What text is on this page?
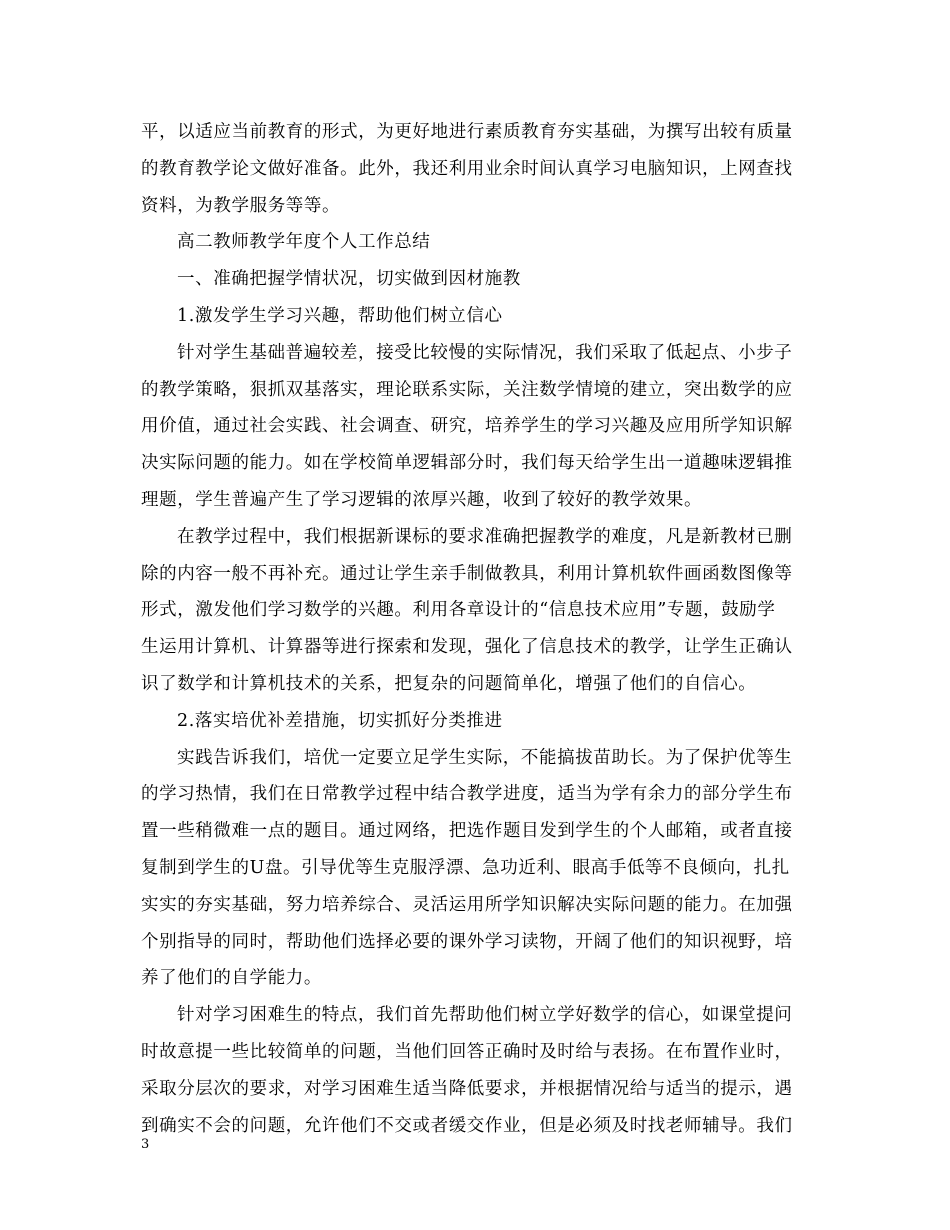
平，以适应当前教育的形式，为更好地进行素质教育夯实基础，为撰写出较有质量
的教育教学论文做好准备。此外，我还利用业余时间认真学习电脑知识，上网查找
资料，为教学服务等等。
高二教师教学年度个人工作总结
一、准确把握学情状况，切实做到因材施教
1.激发学生学习兴趣，帮助他们树立信心
针对学生基础普遍较差，接受比较慢的实际情况，我们采取了低起点、小步子
的教学策略，狠抓双基落实，理论联系实际，关注数学情境的建立，突出数学的应
用价值，通过社会实践、社会调查、研究，培养学生的学习兴趣及应用所学知识解
决实际问题的能力。如在学校简单逻辑部分时，我们每天给学生出一道趣味逻辑推
理题，学生普遍产生了学习逻辑的浓厚兴趣，收到了较好的教学效果。
在教学过程中，我们根据新课标的要求准确把握教学的难度，凡是新教材已删
除的内容一般不再补充。通过让学生亲手制做教具，利用计算机软件画函数图像等
形式，激发他们学习数学的兴趣。利用各章设计的“信息技术应用”专题，鼓励学
生运用计算机、计算器等进行探索和发现，强化了信息技术的教学，让学生正确认
识了数学和计算机技术的关系，把复杂的问题简单化，增强了他们的自信心。
2.落实培优补差措施，切实抓好分类推进
实践告诉我们，培优一定要立足学生实际，不能搞拔苗助长。为了保护优等生
的学习热情，我们在日常教学过程中结合教学进度，适当为学有余力的部分学生布
置一些稍微难一点的题目。通过网络，把选作题目发到学生的个人邮箱，或者直接
复制到学生的U盘。引导优等生克服浮漂、急功近利、眼高手低等不良倾向，扎扎
实实的夯实基础，努力培养综合、灵活运用所学知识解决实际问题的能力。在加强
个别指导的同时，帮助他们选择必要的课外学习读物，开阔了他们的知识视野，培
养了他们的自学能力。
针对学习困难生的特点，我们首先帮助他们树立学好数学的信心，如课堂提问
时故意提一些比较简单的问题，当他们回答正确时及时给与表扬。在布置作业时，
采取分层次的要求，对学习困难生适当降低要求，并根据情况给与适当的提示，遇
到确实不会的问题，允许他们不交或者缓交作业，但是必须及时找老师辅导。我们
3
